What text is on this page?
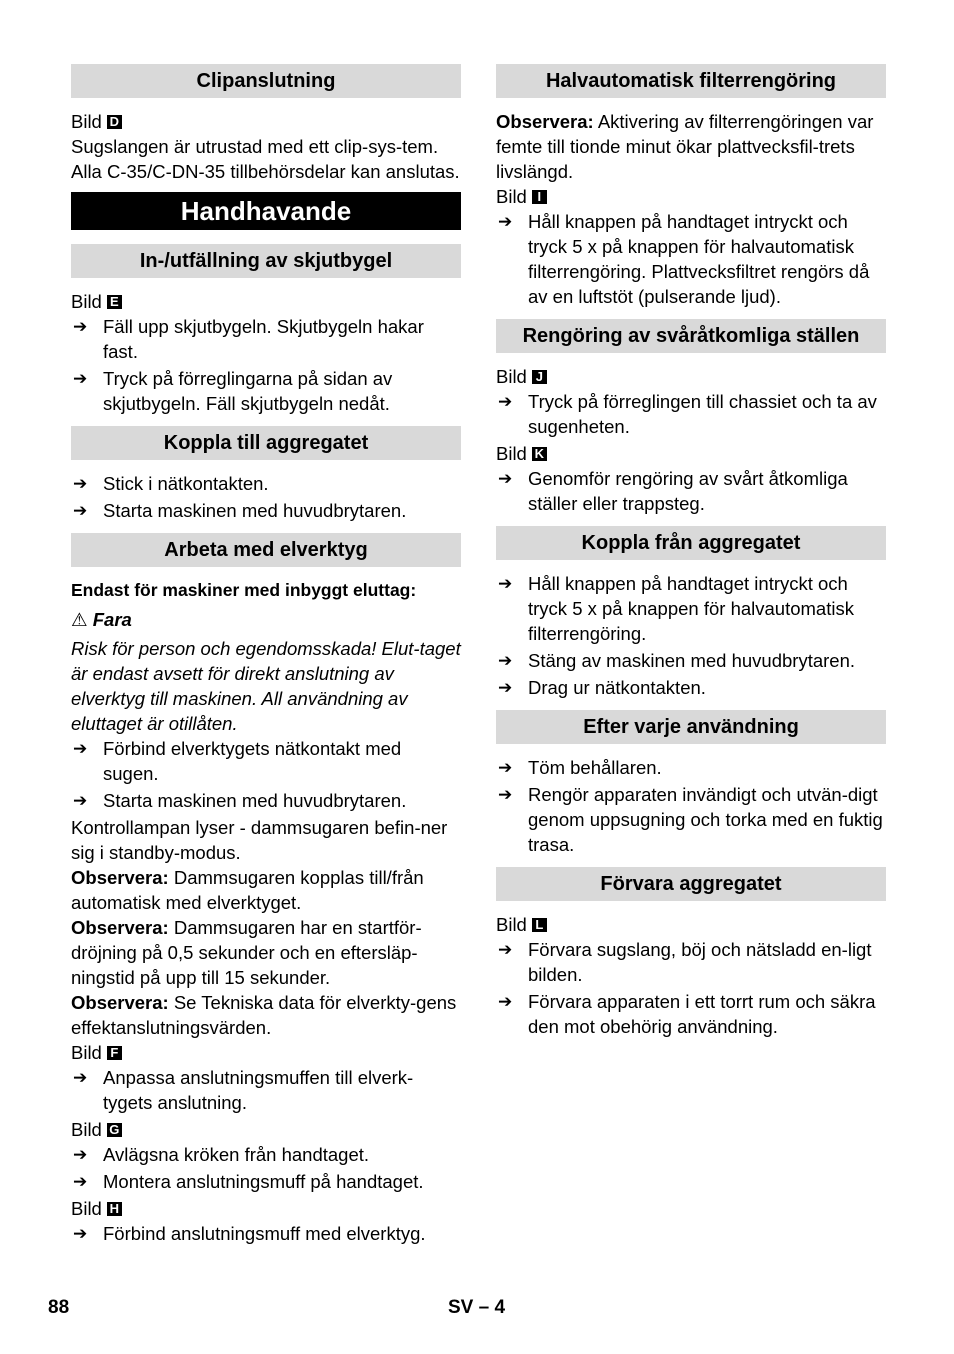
Clipanslutning

Bild D

Sugslangen är utrustad med ett clip-sys-tem. Alla C-35/C-DN-35 tillbehörsdelar kan anslutas.

Handhavande
In-/utfällning av skjutbygel

Bild E

➔ Fäll upp skjutbygeln. Skjutbygeln hakar fast.

➔ Tryck på förreglingarna på sidan av skjutbygeln. Fäll skjutbygeln nedåt.

Koppla till aggregatet

➔ Stick i nätkontakten.

➔ Starta maskinen med huvudbrytaren.

Arbeta med elverktyg

Endast för maskiner med inbyggt eluttag:

⚠ Fara

Risk för person och egendomsskada! Elut-taget är endast avsett för direkt anslutning av elverktyg till maskinen. All användning av eluttaget är otillåten.

➔ Förbind elverktygets nätkontakt med sugen.

➔ Starta maskinen med huvudbrytaren.

Kontrollampan lyser - dammsugaren befin-ner sig i standby-modus.

Observera: Dammsugaren kopplas till/från automatisk med elverktyget.

Observera: Dammsugaren har en startför-dröjning på 0,5 sekunder och en eftersläp-ningstid på upp till 15 sekunder.

Observera: Se Tekniska data för elverkty-gens effektanslutningsvärden.

Bild F

➔ Anpassa anslutningsmuffen till elverk-tygets anslutning.

Bild G

➔ Avlägsna kröken från handtaget.

➔ Montera anslutningsmuff på handtaget.

Bild H

➔ Förbind anslutningsmuff med elverktyg.

Halvautomatisk filterrengöring

Observera: Aktivering av filterrengöringen var femte till tionde minut ökar plattvecksfil-trets livslängd.

Bild I

➔ Håll knappen på handtaget intryckt och tryck 5 x på knappen för halvautomatisk filterrengöring. Plattvecksfiltret rengörs då av en luftstöt (pulserande ljud).

Rengöring av svåråtkomliga ställen

Bild J

➔ Tryck på förreglingen till chassiet och ta av sugenheten.

Bild K

➔ Genomför rengöring av svårt åtkomliga ställer eller trappsteg.

Koppla från aggregatet

➔ Håll knappen på handtaget intryckt och tryck 5 x på knappen för halvautomatisk filterrengöring.

➔ Stäng av maskinen med huvudbrytaren.

➔ Drag ur nätkontakten.

Efter varje användning

➔ Töm behållaren.

➔ Rengör apparaten invändigt och utvän-digt genom uppsugning och torka med en fuktig trasa.

Förvara aggregatet

Bild L

➔ Förvara sugslang, böj och nätsladd en-ligt bilden.

➔ Förvara apparaten i ett torrt rum och säkra den mot obehörig användning.

88	SV – 4
